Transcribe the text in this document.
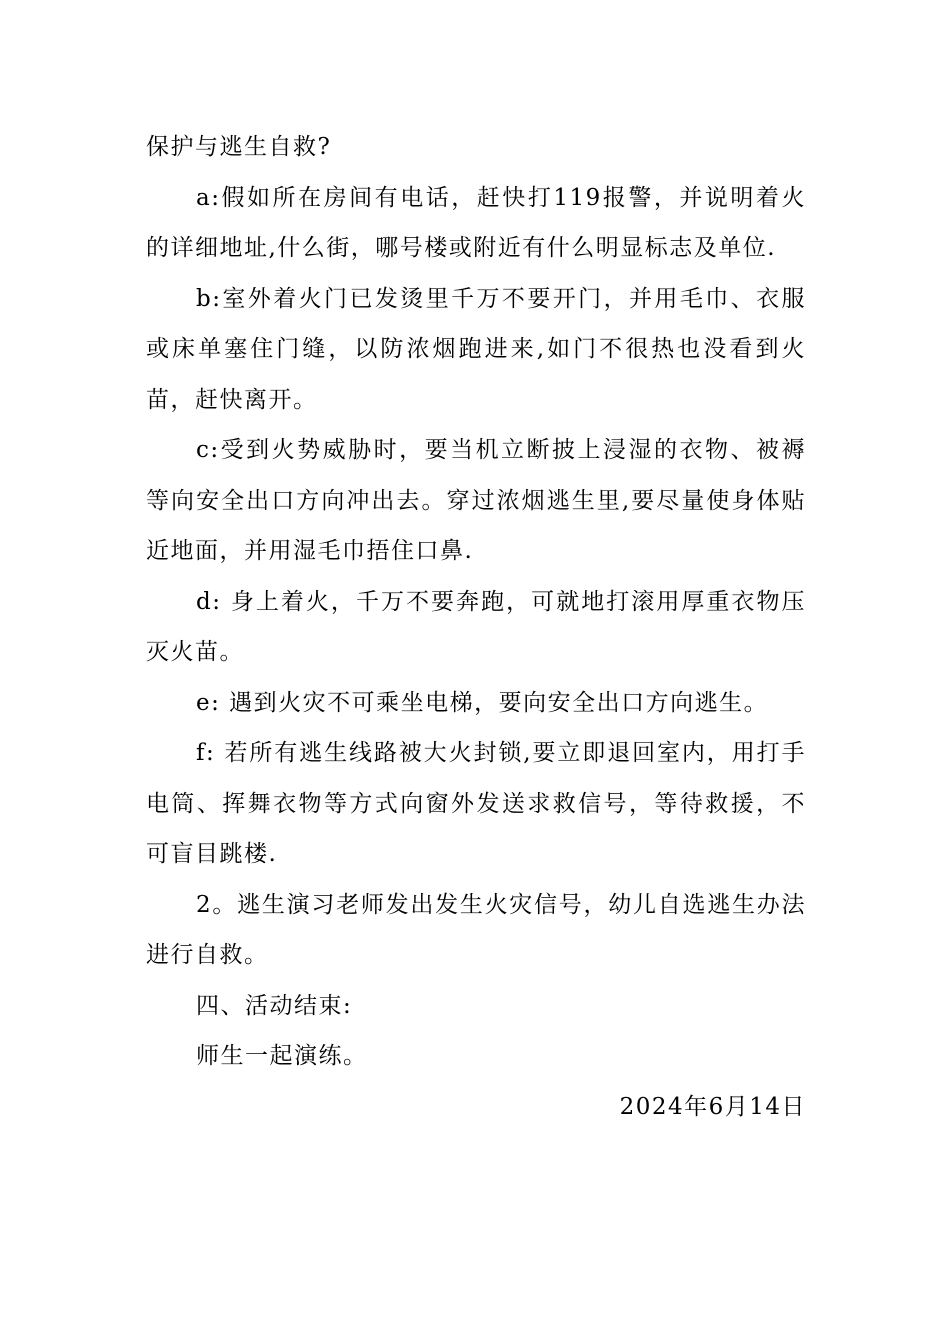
保护与逃生自救?

a:假如所在房间有电话，赶快打119报警，并说明着火的详细地址,什么街，哪号楼或附近有什么明显标志及单位.

b:室外着火门已发烫里千万不要开门，并用毛巾、衣服或床单塞住门缝，以防浓烟跑进来,如门不很热也没看到火苗，赶快离开。

c:受到火势威胁时，要当机立断披上浸湿的衣物、被褥等向安全出口方向冲出去。穿过浓烟逃生里,要尽量使身体贴近地面，并用湿毛巾捂住口鼻.

d: 身上着火，千万不要奔跑，可就地打滚用厚重衣物压灭火苗。

e: 遇到火灾不可乘坐电梯，要向安全出口方向逃生。

f: 若所有逃生线路被大火封锁,要立即退回室内，用打手电筒、挥舞衣物等方式向窗外发送求救信号，等待救援，不可盲目跳楼.

2。逃生演习老师发出发生火灾信号，幼儿自选逃生办法进行自救。

四、活动结束:

师生一起演练。

2024年6月14日
